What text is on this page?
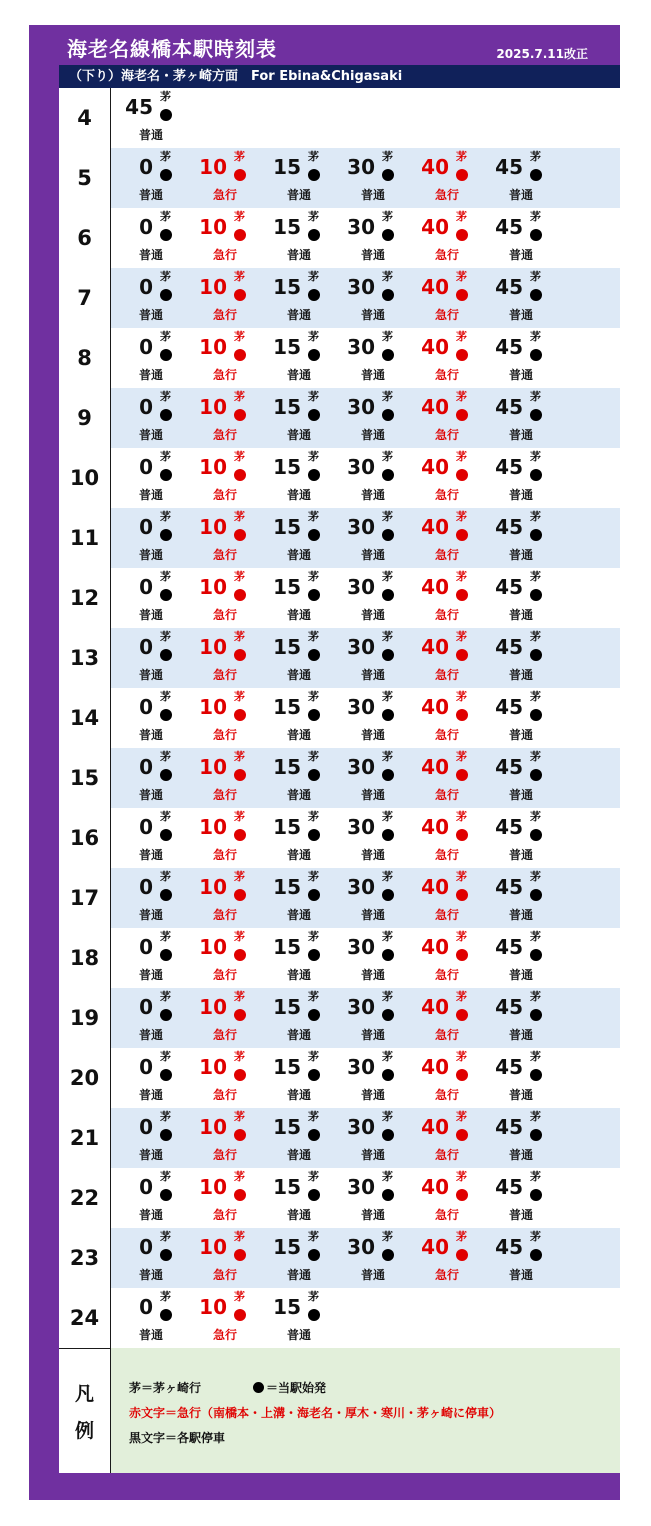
海老名線橋本駅時刻表	2025.7.11改正
（下り）海老名・茅ヶ崎方面　For Ebina&Chigasaki
4	45 茅
普通
5	0 茅
普通
10 茅
急行
15 茅
普通
30 茅
普通
40 茅
急行
45 茅
普通
6	0 茅
普通
10 茅
急行
15 茅
普通
30 茅
普通
40 茅
急行
45 茅
普通
7	0 茅
普通
10 茅
急行
15 茅
普通
30 茅
普通
40 茅
急行
45 茅
普通
8	0 茅
普通
10 茅
急行
15 茅
普通
30 茅
普通
40 茅
急行
45 茅
普通
9	0 茅
普通
10 茅
急行
15 茅
普通
30 茅
普通
40 茅
急行
45 茅
普通
10	0 茅
普通
10 茅
急行
15 茅
普通
30 茅
普通
40 茅
急行
45 茅
普通
11	0 茅
普通
10 茅
急行
15 茅
普通
30 茅
普通
40 茅
急行
45 茅
普通
12	0 茅
普通
10 茅
急行
15 茅
普通
30 茅
普通
40 茅
急行
45 茅
普通
13	0 茅
普通
10 茅
急行
15 茅
普通
30 茅
普通
40 茅
急行
45 茅
普通
14	0 茅
普通
10 茅
急行
15 茅
普通
30 茅
普通
40 茅
急行
45 茅
普通
15	0 茅
普通
10 茅
急行
15 茅
普通
30 茅
普通
40 茅
急行
45 茅
普通
16	0 茅
普通
10 茅
急行
15 茅
普通
30 茅
普通
40 茅
急行
45 茅
普通
17	0 茅
普通
10 茅
急行
15 茅
普通
30 茅
普通
40 茅
急行
45 茅
普通
18	0 茅
普通
10 茅
急行
15 茅
普通
30 茅
普通
40 茅
急行
45 茅
普通
19	0 茅
普通
10 茅
急行
15 茅
普通
30 茅
普通
40 茅
急行
45 茅
普通
20	0 茅
普通
10 茅
急行
15 茅
普通
30 茅
普通
40 茅
急行
45 茅
普通
21	0 茅
普通
10 茅
急行
15 茅
普通
30 茅
普通
40 茅
急行
45 茅
普通
22	0 茅
普通
10 茅
急行
15 茅
普通
30 茅
普通
40 茅
急行
45 茅
普通
23	0 茅
普通
10 茅
急行
15 茅
普通
30 茅
普通
40 茅
急行
45 茅
普通
24	0 茅
普通
10 茅
急行
15 茅
普通
凡
例
茅＝茅ヶ崎行	＝当駅始発
赤文字＝急行（南橋本・上溝・海老名・厚木・寒川・茅ヶ崎に停車）
黒文字＝各駅停車
